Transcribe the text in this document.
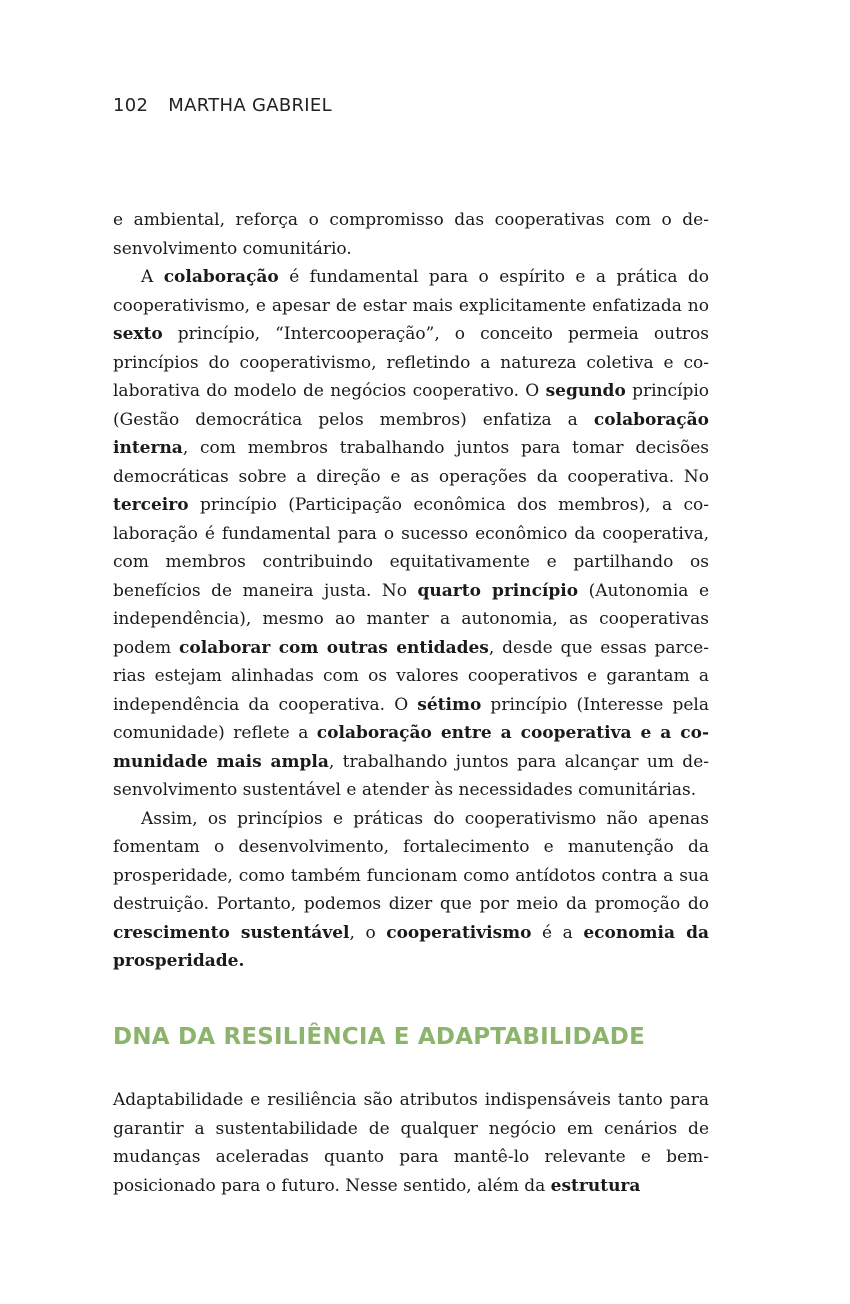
102 MARTHA GABRIEL

e ambiental, reforça o compromisso das cooperativas com o desenvolvimento comunitário.

A colaboração é fundamental para o espírito e a prática do cooperativismo, e apesar de estar mais explicitamente enfatizada no sexto princípio, “Intercooperação”, o conceito permeia outros princípios do cooperativismo, refletindo a natureza coletiva e colaborativa do modelo de negócios cooperativo. O segundo princípio (Gestão democrática pelos membros) enfatiza a colaboração interna, com membros trabalhando juntos para tomar decisões democráticas sobre a direção e as operações da cooperativa. No terceiro princípio (Participação econômica dos membros), a colaboração é fundamental para o sucesso econômico da cooperativa, com membros contribuindo equitativamente e partilhando os benefícios de maneira justa. No quarto princípio (Autonomia e independência), mesmo ao manter a autonomia, as cooperativas podem colaborar com outras entidades, desde que essas parcerias estejam alinhadas com os valores cooperativos e garantam a independência da cooperativa. O sétimo princípio (Interesse pela comunidade) reflete a colaboração entre a cooperativa e a comunidade mais ampla, trabalhando juntos para alcançar um desenvolvimento sustentável e atender às necessidades comunitárias.

Assim, os princípios e práticas do cooperativismo não apenas fomentam o desenvolvimento, fortalecimento e manutenção da prosperidade, como também funcionam como antídotos contra a sua destruição. Portanto, podemos dizer que por meio da promoção do crescimento sustentável, o cooperativismo é a economia da prosperidade.

DNA DA RESILIÊNCIA E ADAPTABILIDADE

Adaptabilidade e resiliência são atributos indispensáveis tanto para garantir a sustentabilidade de qualquer negócio em cenários de mudanças aceleradas quanto para mantê-lo relevante e bem-posicionado para o futuro. Nesse sentido, além da estrutura
